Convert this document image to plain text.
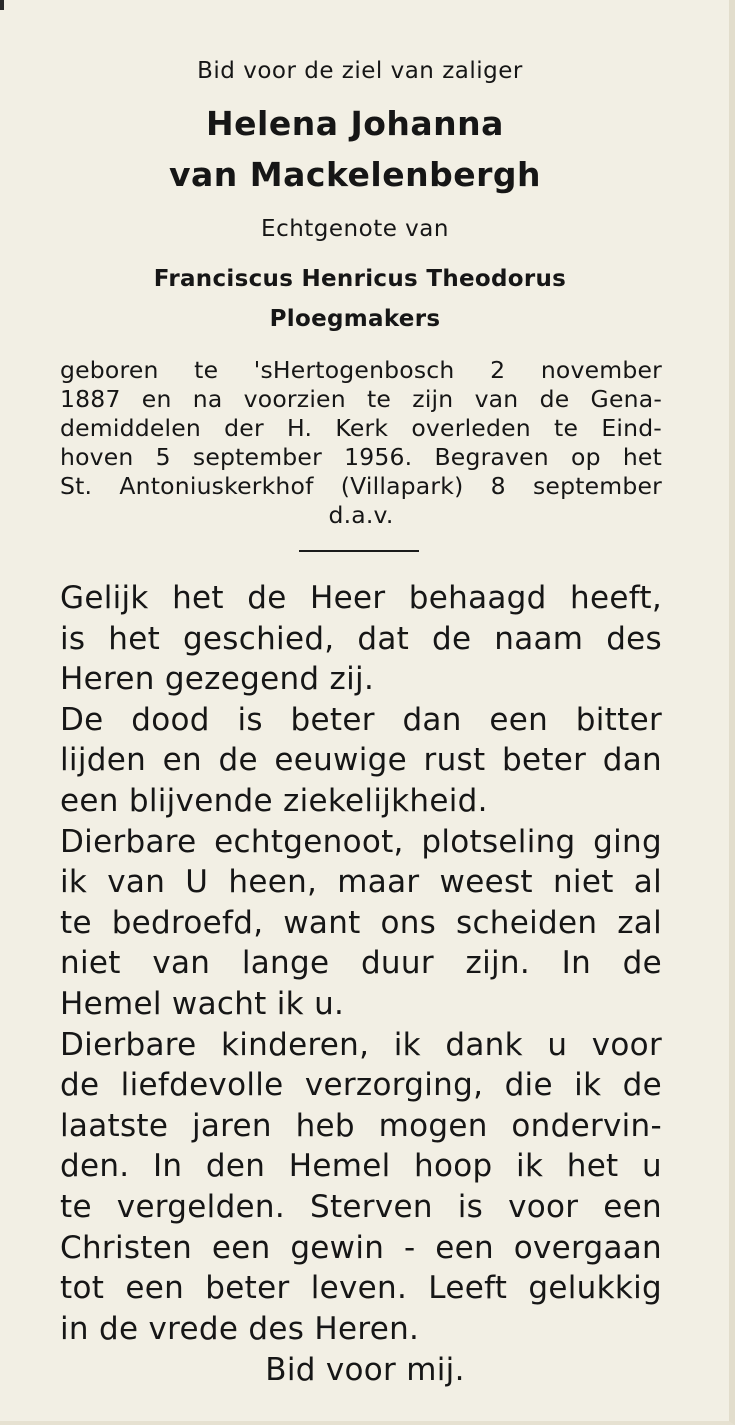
Bid voor de ziel van zaliger
Helena Johanna
van Mackelenbergh
Echtgenote van
Franciscus Henricus Theodorus
Ploegmakers
geboren te 'sHertogenbosch 2 november
1887 en na voorzien te zijn van de Gena-
demiddelen der H. Kerk overleden te Eind-
hoven 5 september 1956. Begraven op het
St. Antoniuskerkhof (Villapark) 8 september
d.a.v.
Gelijk het de Heer behaagd heeft,
is het geschied, dat de naam des
Heren gezegend zij.
De dood is beter dan een bitter
lijden en de eeuwige rust beter dan
een blijvende ziekelijkheid.
Dierbare echtgenoot, plotseling ging
ik van U heen, maar weest niet al
te bedroefd, want ons scheiden zal
niet van lange duur zijn. In de
Hemel wacht ik u.
Dierbare kinderen, ik dank u voor
de liefdevolle verzorging, die ik de
laatste jaren heb mogen ondervin-
den. In den Hemel hoop ik het u
te vergelden. Sterven is voor een
Christen een gewin - een overgaan
tot een beter leven. Leeft gelukkig
in de vrede des Heren.
Bid voor mij.
